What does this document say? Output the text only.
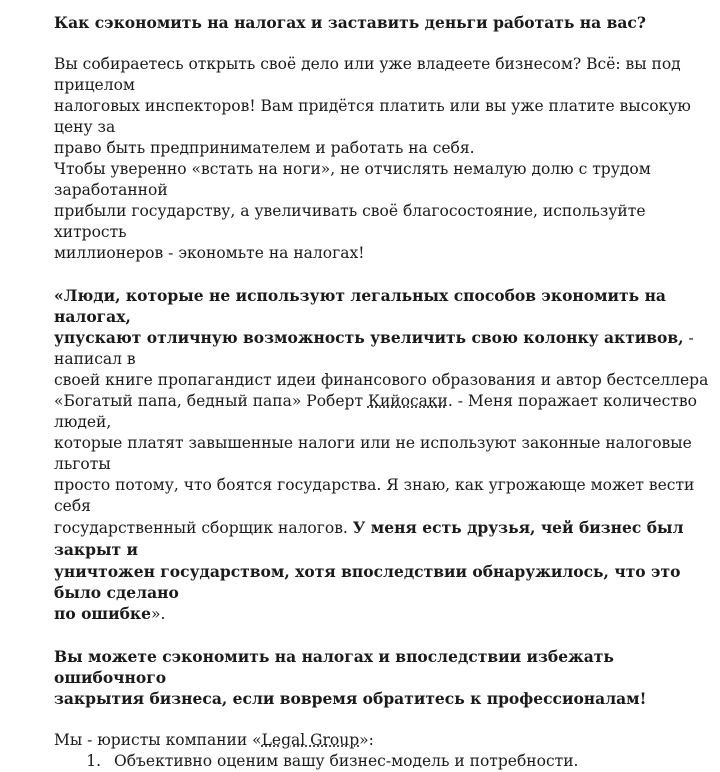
Как сэкономить на налогах и заставить деньги работать на вас?

Вы собираетесь открыть своё дело или уже владеете бизнесом? Всё: вы под прицелом
налоговых инспекторов! Вам придётся платить или вы уже платите высокую цену за
право быть предпринимателем и работать на себя.
Чтобы уверенно «встать на ноги», не отчислять немалую долю с трудом заработанной
прибыли государству, а увеличивать своё благосостояние, используйте хитрость
миллионеров - экономьте на налогах!
«Люди, которые не используют легальных способов экономить на налогах,
упускают отличную возможность увеличить свою колонку активов, - написал в
своей книге пропагандист идеи финансового образования и автор бестселлера
«Богатый папа, бедный папа» Роберт Кийосаки. - Меня поражает количество людей,
которые платят завышенные налоги или не используют законные налоговые льготы
просто потому, что боятся государства. Я знаю, как угрожающе может вести себя
государственный сборщик налогов. У меня есть друзья, чей бизнес был закрыт и
уничтожен государством, хотя впоследствии обнаружилось, что это было сделано
по ошибке».
Вы можете сэкономить на налогах и впоследствии избежать ошибочного
закрытия бизнеса, если вовремя обратитесь к профессионалам!
Мы - юристы компании «Legal Group»:
1. Объективно оценим вашу бизнес-модель и потребности.
